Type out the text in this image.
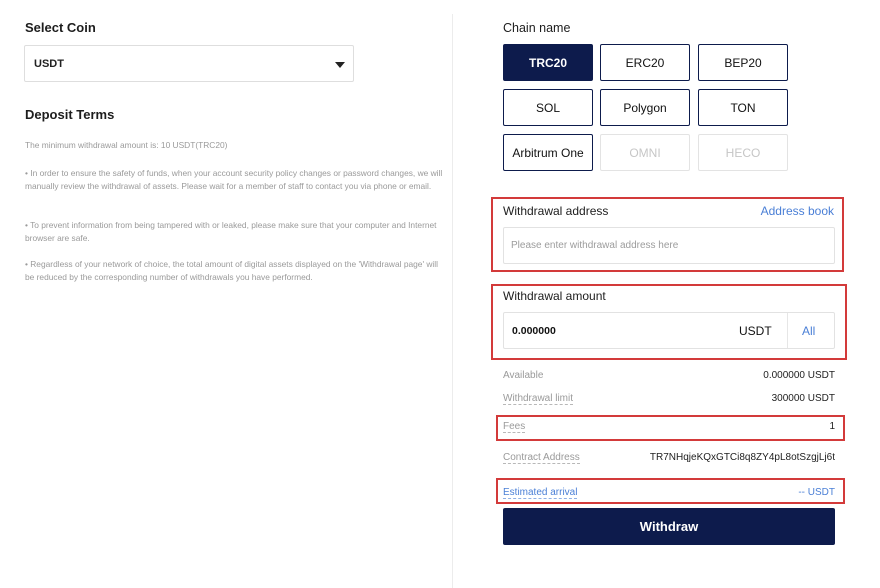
Select Coin
USDT
Deposit Terms

The minimum withdrawal amount is: 10 USDT(TRC20)

• In order to ensure the safety of funds, when your account security policy changes or password changes, we will manually review the withdrawal of assets. Please wait for a member of staff to contact you via phone or email.

• To prevent information from being tampered with or leaked, please make sure that your computer and Internet browser are safe.

• Regardless of your network of choice, the total amount of digital assets displayed on the 'Withdrawal page' will be reduced by the corresponding number of withdrawals you have performed.

Chain name
TRC20	ERC20	BEP20
SOL	Polygon	TON
Arbitrum One	OMNI	HECO
Withdrawal address	Address book
Please enter withdrawal address here
Withdrawal amount
0.000000	USDT	All
Available	0.000000 USDT
Withdrawal limit	300000 USDT
Fees	1
Contract Address	TR7NHqjeKQxGTCi8q8ZY4pL8otSzgjLj6t
Estimated arrival	-- USDT
Withdraw
